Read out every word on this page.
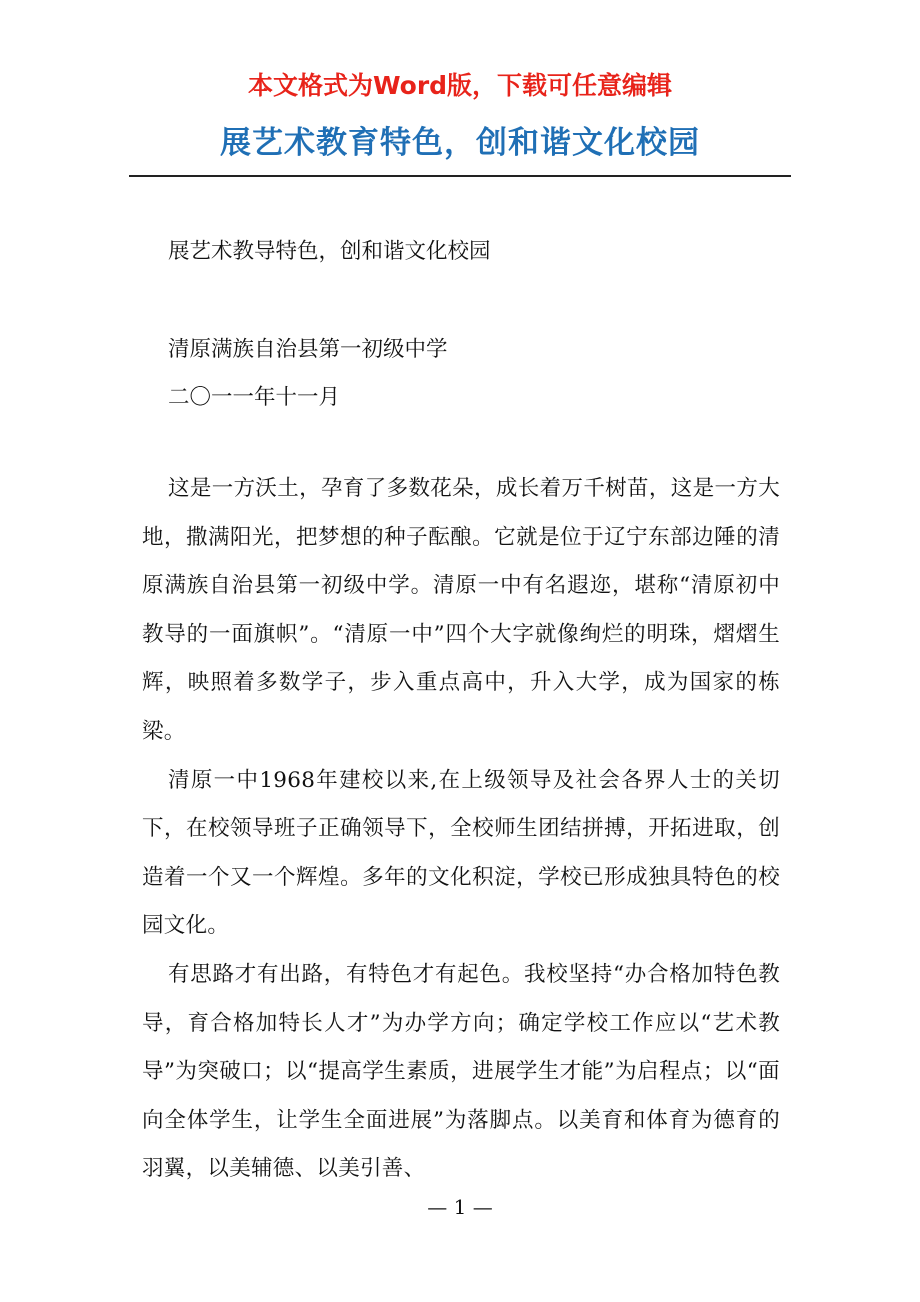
本文格式为Word版，下载可任意编辑
展艺术教育特色，创和谐文化校园
展艺术教导特色，创和谐文化校园
清原满族自治县第一初级中学
二〇一一年十一月

这是一方沃土，孕育了多数花朵，成长着万千树苗，这是一方大地，撒满阳光，把梦想的种子酝酿。它就是位于辽宁东部边陲的清原满族自治县第一初级中学。清原一中有名遐迩，堪称“清原初中教导的一面旗帜”。“清原一中”四个大字就像绚烂的明珠，熠熠生辉，映照着多数学子，步入重点高中，升入大学，成为国家的栋梁。

清原一中1968年建校以来,在上级领导及社会各界人士的关切下，在校领导班子正确领导下，全校师生团结拼搏，开拓进取，创造着一个又一个辉煌。多年的文化积淀，学校已形成独具特色的校园文化。

有思路才有出路，有特色才有起色。我校坚持“办合格加特色教导，育合格加特长人才”为办学方向；确定学校工作应以“艺术教导”为突破口；以“提高学生素质，进展学生才能”为启程点；以“面向全体学生，让学生全面进展”为落脚点。以美育和体育为德育的羽翼，以美辅德、以美引善、

— 1 —
